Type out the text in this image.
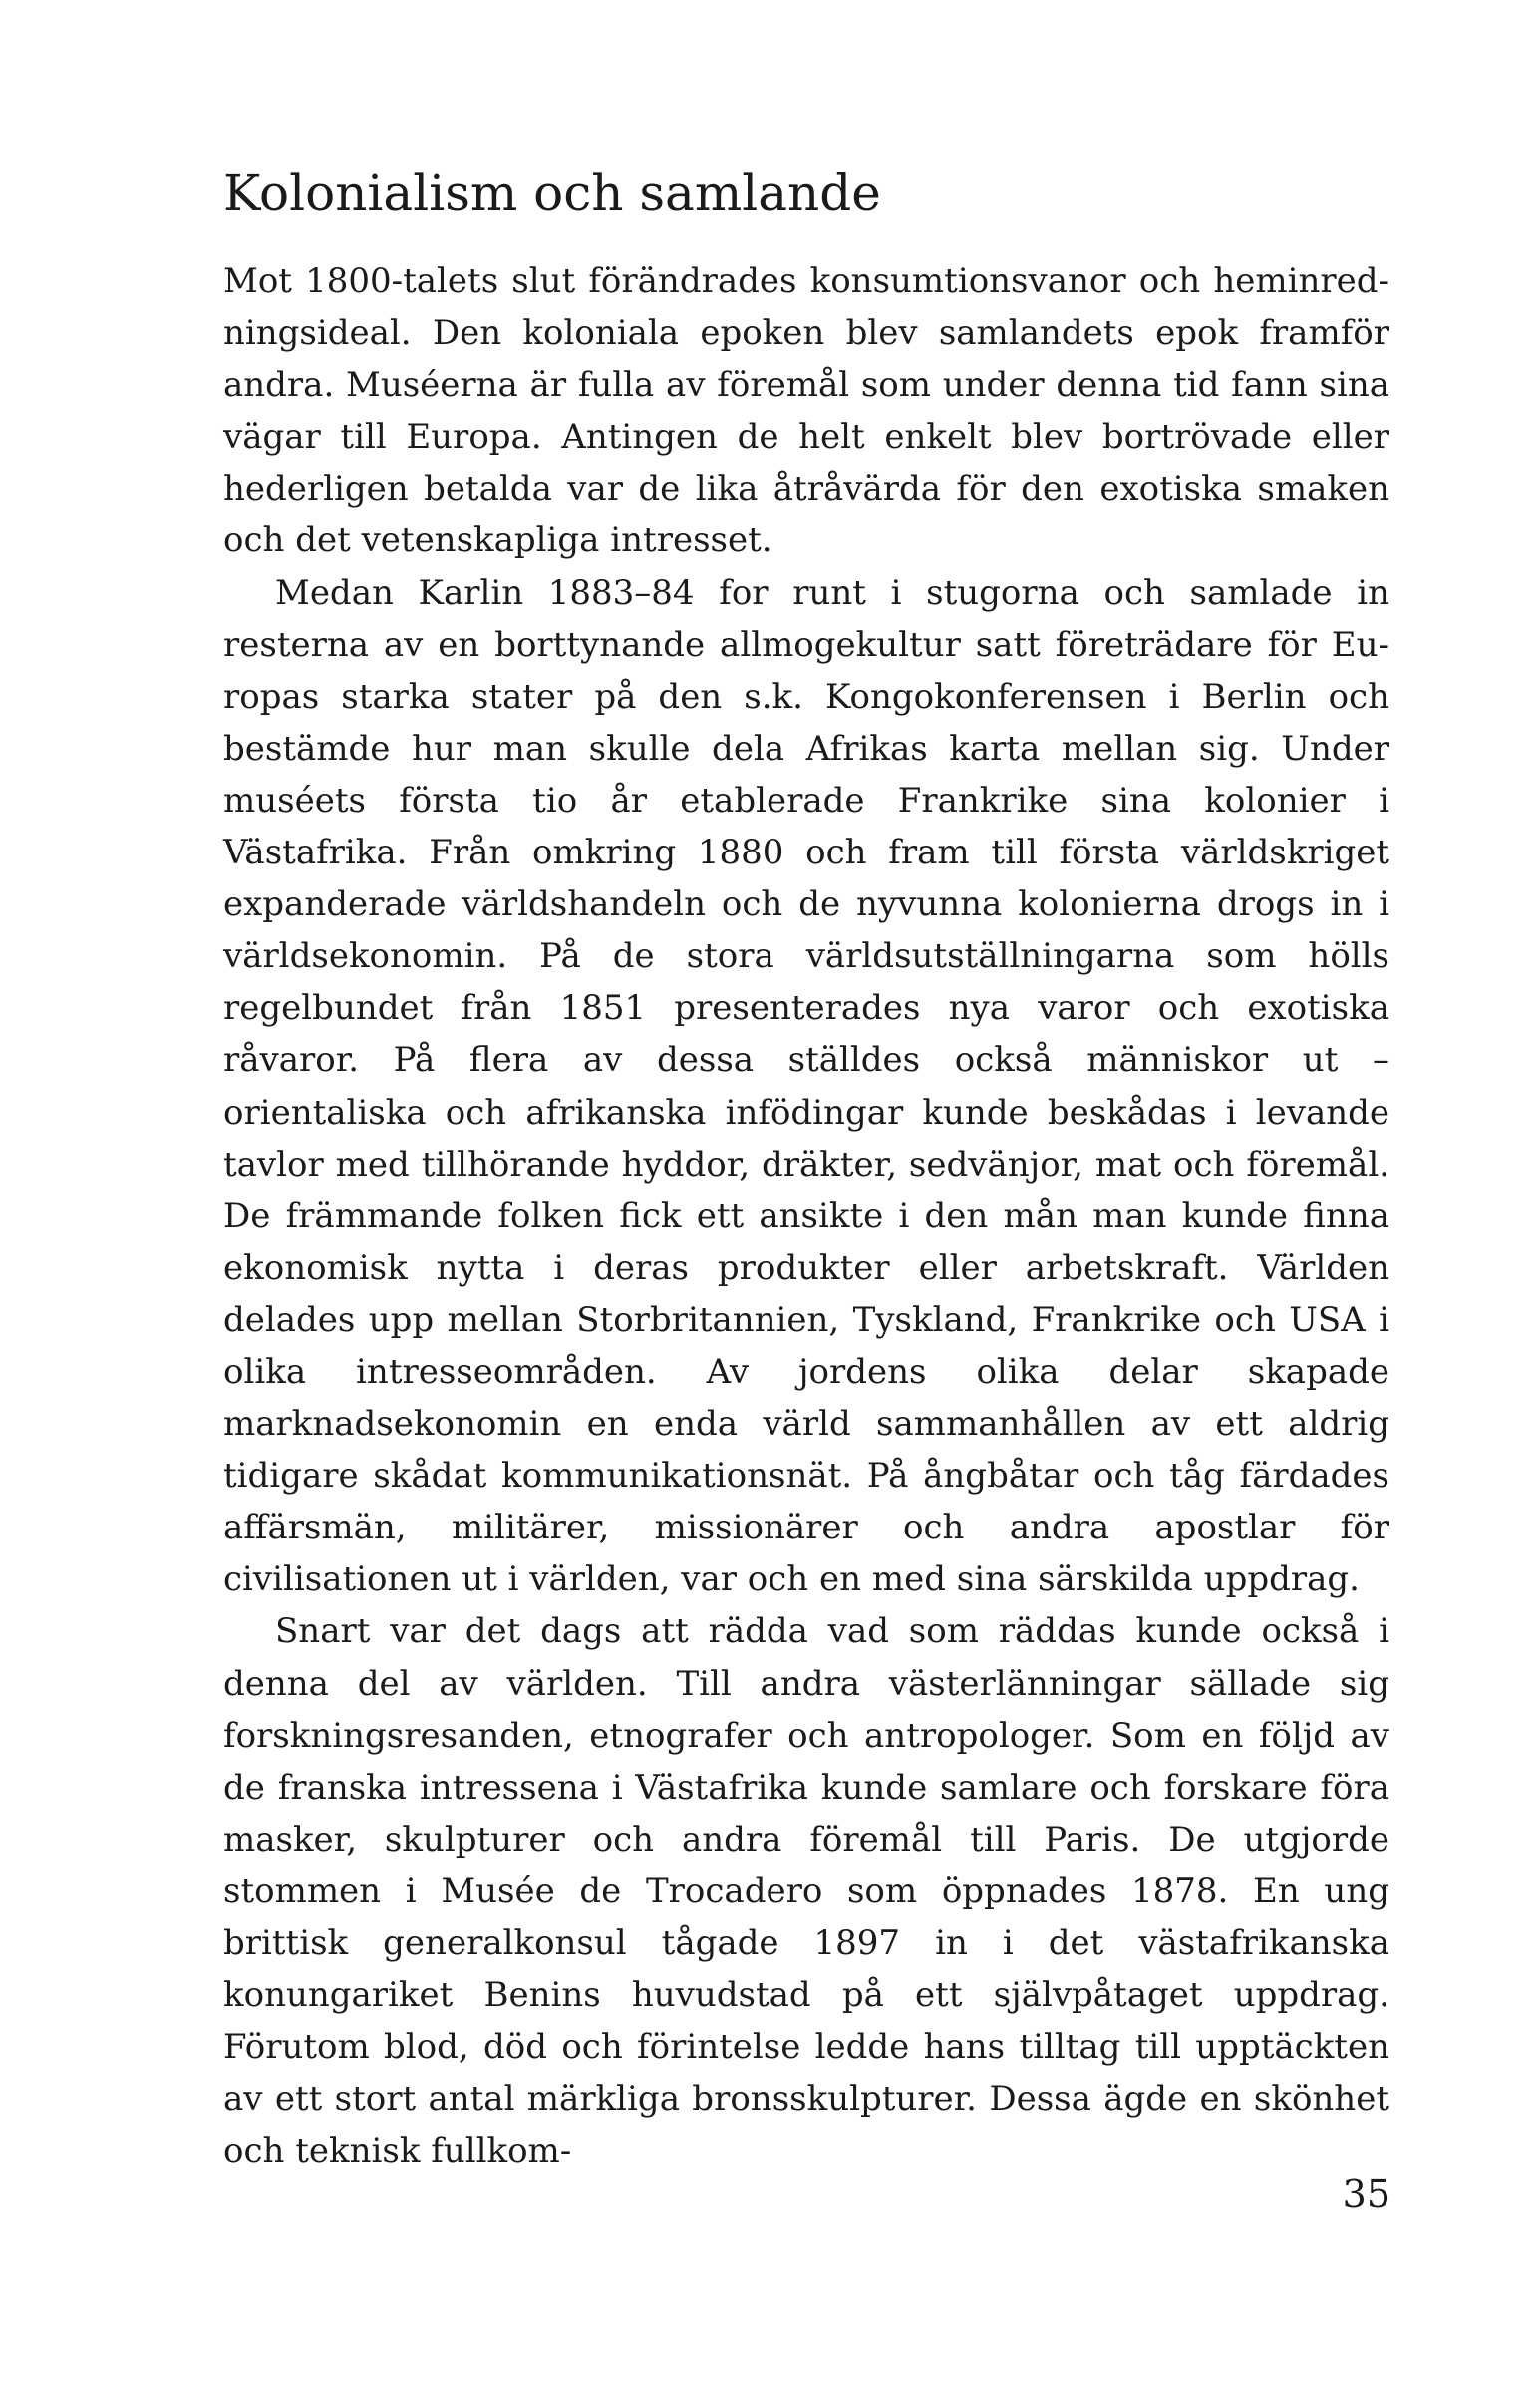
Kolonialism och samlande

Mot 1800-talets slut förändrades konsumtionsvanor och heminredningsideal. Den koloniala epoken blev samlandets epok framför andra. Muséerna är fulla av föremål som under denna tid fann sina vägar till Europa. Antingen de helt enkelt blev bortrövade eller hederligen betalda var de lika åtråvärda för den exotiska smaken och det vetenskapliga intresset.

Medan Karlin 1883–84 for runt i stugorna och samlade in resterna av en borttynande allmogekultur satt företrädare för Europas starka stater på den s.k. Kongokonferensen i Berlin och bestämde hur man skulle dela Afrikas karta mellan sig. Under muséets första tio år etablerade Frankrike sina kolonier i Västafrika. Från omkring 1880 och fram till första världskriget expanderade världshandeln och de nyvunna kolonierna drogs in i världsekonomin. På de stora världsutställningarna som hölls regelbundet från 1851 presenterades nya varor och exotiska råvaror. På flera av dessa ställdes också människor ut – orientaliska och afrikanska infödingar kunde beskådas i levande tavlor med tillhörande hyddor, dräkter, sedvänjor, mat och föremål. De främmande folken fick ett ansikte i den mån man kunde finna ekonomisk nytta i deras produkter eller arbetskraft. Världen delades upp mellan Storbritannien, Tyskland, Frankrike och USA i olika intresseområden. Av jordens olika delar skapade marknadsekonomin en enda värld sammanhållen av ett aldrig tidigare skådat kommunikationsnät. På ångbåtar och tåg färdades affärsmän, militärer, missionärer och andra apostlar för civilisationen ut i världen, var och en med sina särskilda uppdrag.

Snart var det dags att rädda vad som räddas kunde också i denna del av världen. Till andra västerlänningar sällade sig forskningsresanden, etnografer och antropologer. Som en följd av de franska intressena i Västafrika kunde samlare och forskare föra masker, skulpturer och andra föremål till Paris. De utgjorde stommen i Musée de Trocadero som öppnades 1878. En ung brittisk generalkonsul tågade 1897 in i det västafrikanska konungariket Benins huvudstad på ett självpåtaget uppdrag. Förutom blod, död och förintelse ledde hans tilltag till upptäckten av ett stort antal märkliga bronsskulpturer. Dessa ägde en skönhet och teknisk fullkom-

35
